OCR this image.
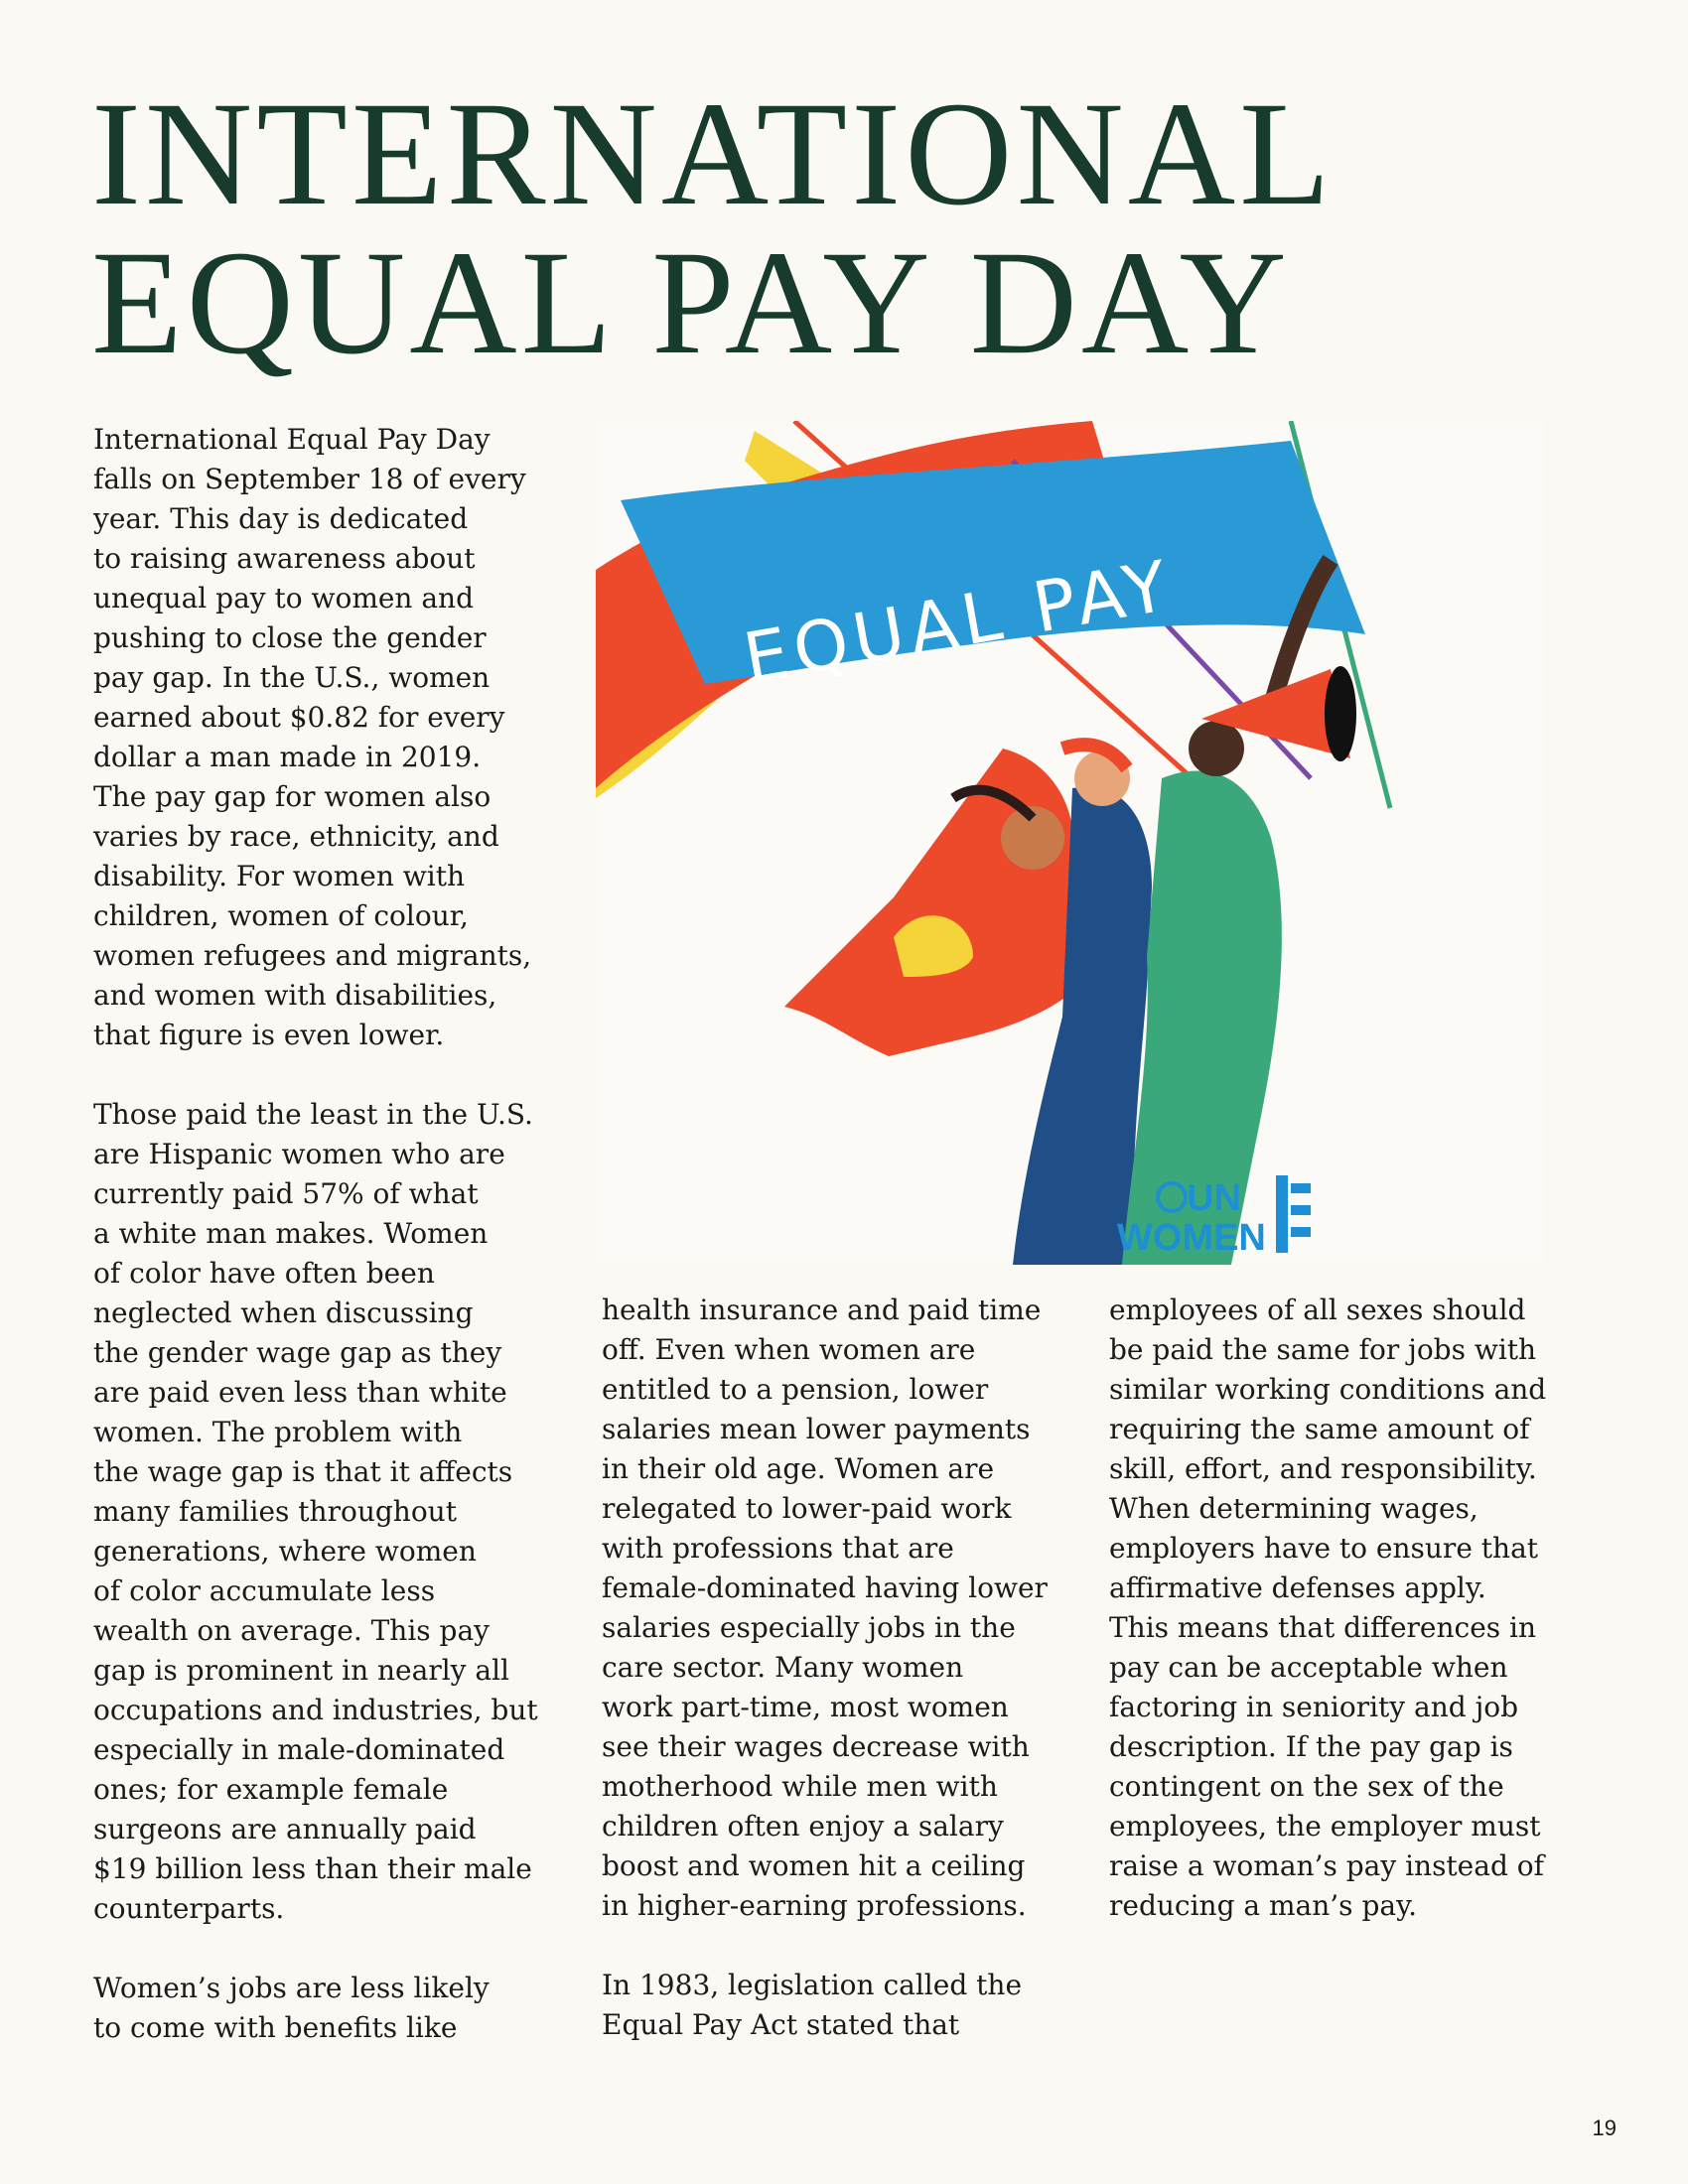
INTERNATIONAL
EQUAL PAY DAY

International Equal Pay Day
falls on September 18 of every
year. This day is dedicated
to raising awareness about
unequal pay to women and
pushing to close the gender
pay gap. In the U.S., women
earned about $0.82 for every
dollar a man made in 2019.
The pay gap for women also
varies by race, ethnicity, and
disability. For women with
children, women of colour,
women refugees and migrants,
and women with disabilities,
that figure is even lower.

Those paid the least in the U.S.
are Hispanic women who are
currently paid 57% of what
a white man makes. Women
of color have often been
neglected when discussing
the gender wage gap as they
are paid even less than white
women. The problem with
the wage gap is that it affects
many families throughout
generations, where women
of color accumulate less
wealth on average. This pay
gap is prominent in nearly all
occupations and industries, but
especially in male-dominated
ones; for example female
surgeons are annually paid
$19 billion less than their male
counterparts.

Women’s jobs are less likely
to come with benefits like

health insurance and paid time
off. Even when women are
entitled to a pension, lower
salaries mean lower payments
in their old age. Women are
relegated to lower-paid work
with professions that are
female-dominated having lower
salaries especially jobs in the
care sector. Many women
work part-time, most women
see their wages decrease with
motherhood while men with
children often enjoy a salary
boost and women hit a ceiling
in higher-earning professions.

In 1983, legislation called the
Equal Pay Act stated that

employees of all sexes should
be paid the same for jobs with
similar working conditions and
requiring the same amount of
skill, effort, and responsibility.
When determining wages,
employers have to ensure that
affirmative defenses apply.
This means that differences in
pay can be acceptable when
factoring in seniority and job
description. If the pay gap is
contingent on the sex of the
employees, the employer must
raise a woman’s pay instead of
reducing a man’s pay.

EQUAL PAY
UN
WOMEN
19
